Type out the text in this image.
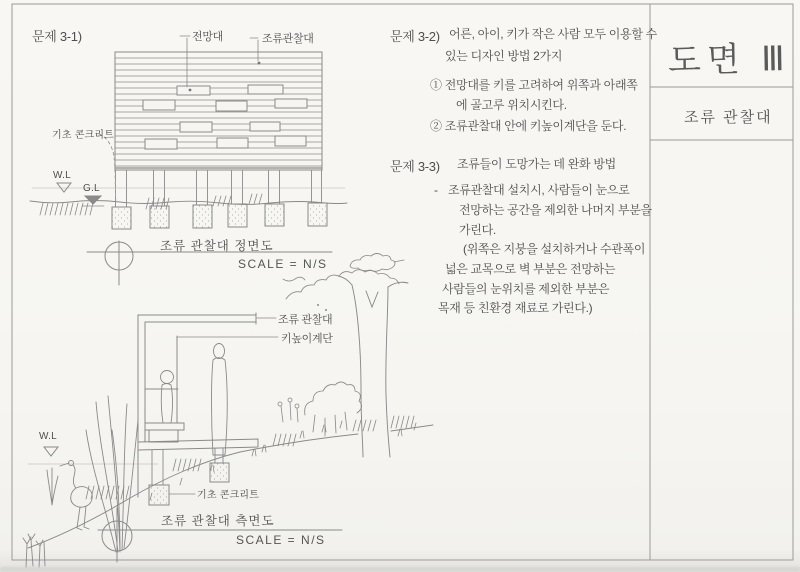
문제 3-1)	전망대	조류관찰대
기초 콘크리트
W.L
G.L
조류 관찰대 정면도
SCALE = N/S
조류 관찰대
키높이계단
W.L
기초 콘크리트
조류 관찰대 측면도
SCALE = N/S
문제 3-2) 어른, 아이, 키가 작은 사람 모두 이용할 수
있는 디자인 방법 2가지
① 전망대를 키를 고려하여 위쪽과 아래쪽
에 골고루 위치시킨다.
② 조류관찰대 안에 키높이계단을 둔다.
문제 3-3) 조류들이 도망가는 데 완화 방법
- 조류관찰대 설치시, 사람들이 눈으로
전망하는 공간을 제외한 나머지 부분을
가린다.
(위쪽은 지붕을 설치하거나 수관폭이
넓은 교목으로 벽 부분은 전망하는
사람들의 눈위치를 제외한 부분은
목재 등 친환경 재료로 가린다.)
도면 Ⅲ
조류 관찰대
